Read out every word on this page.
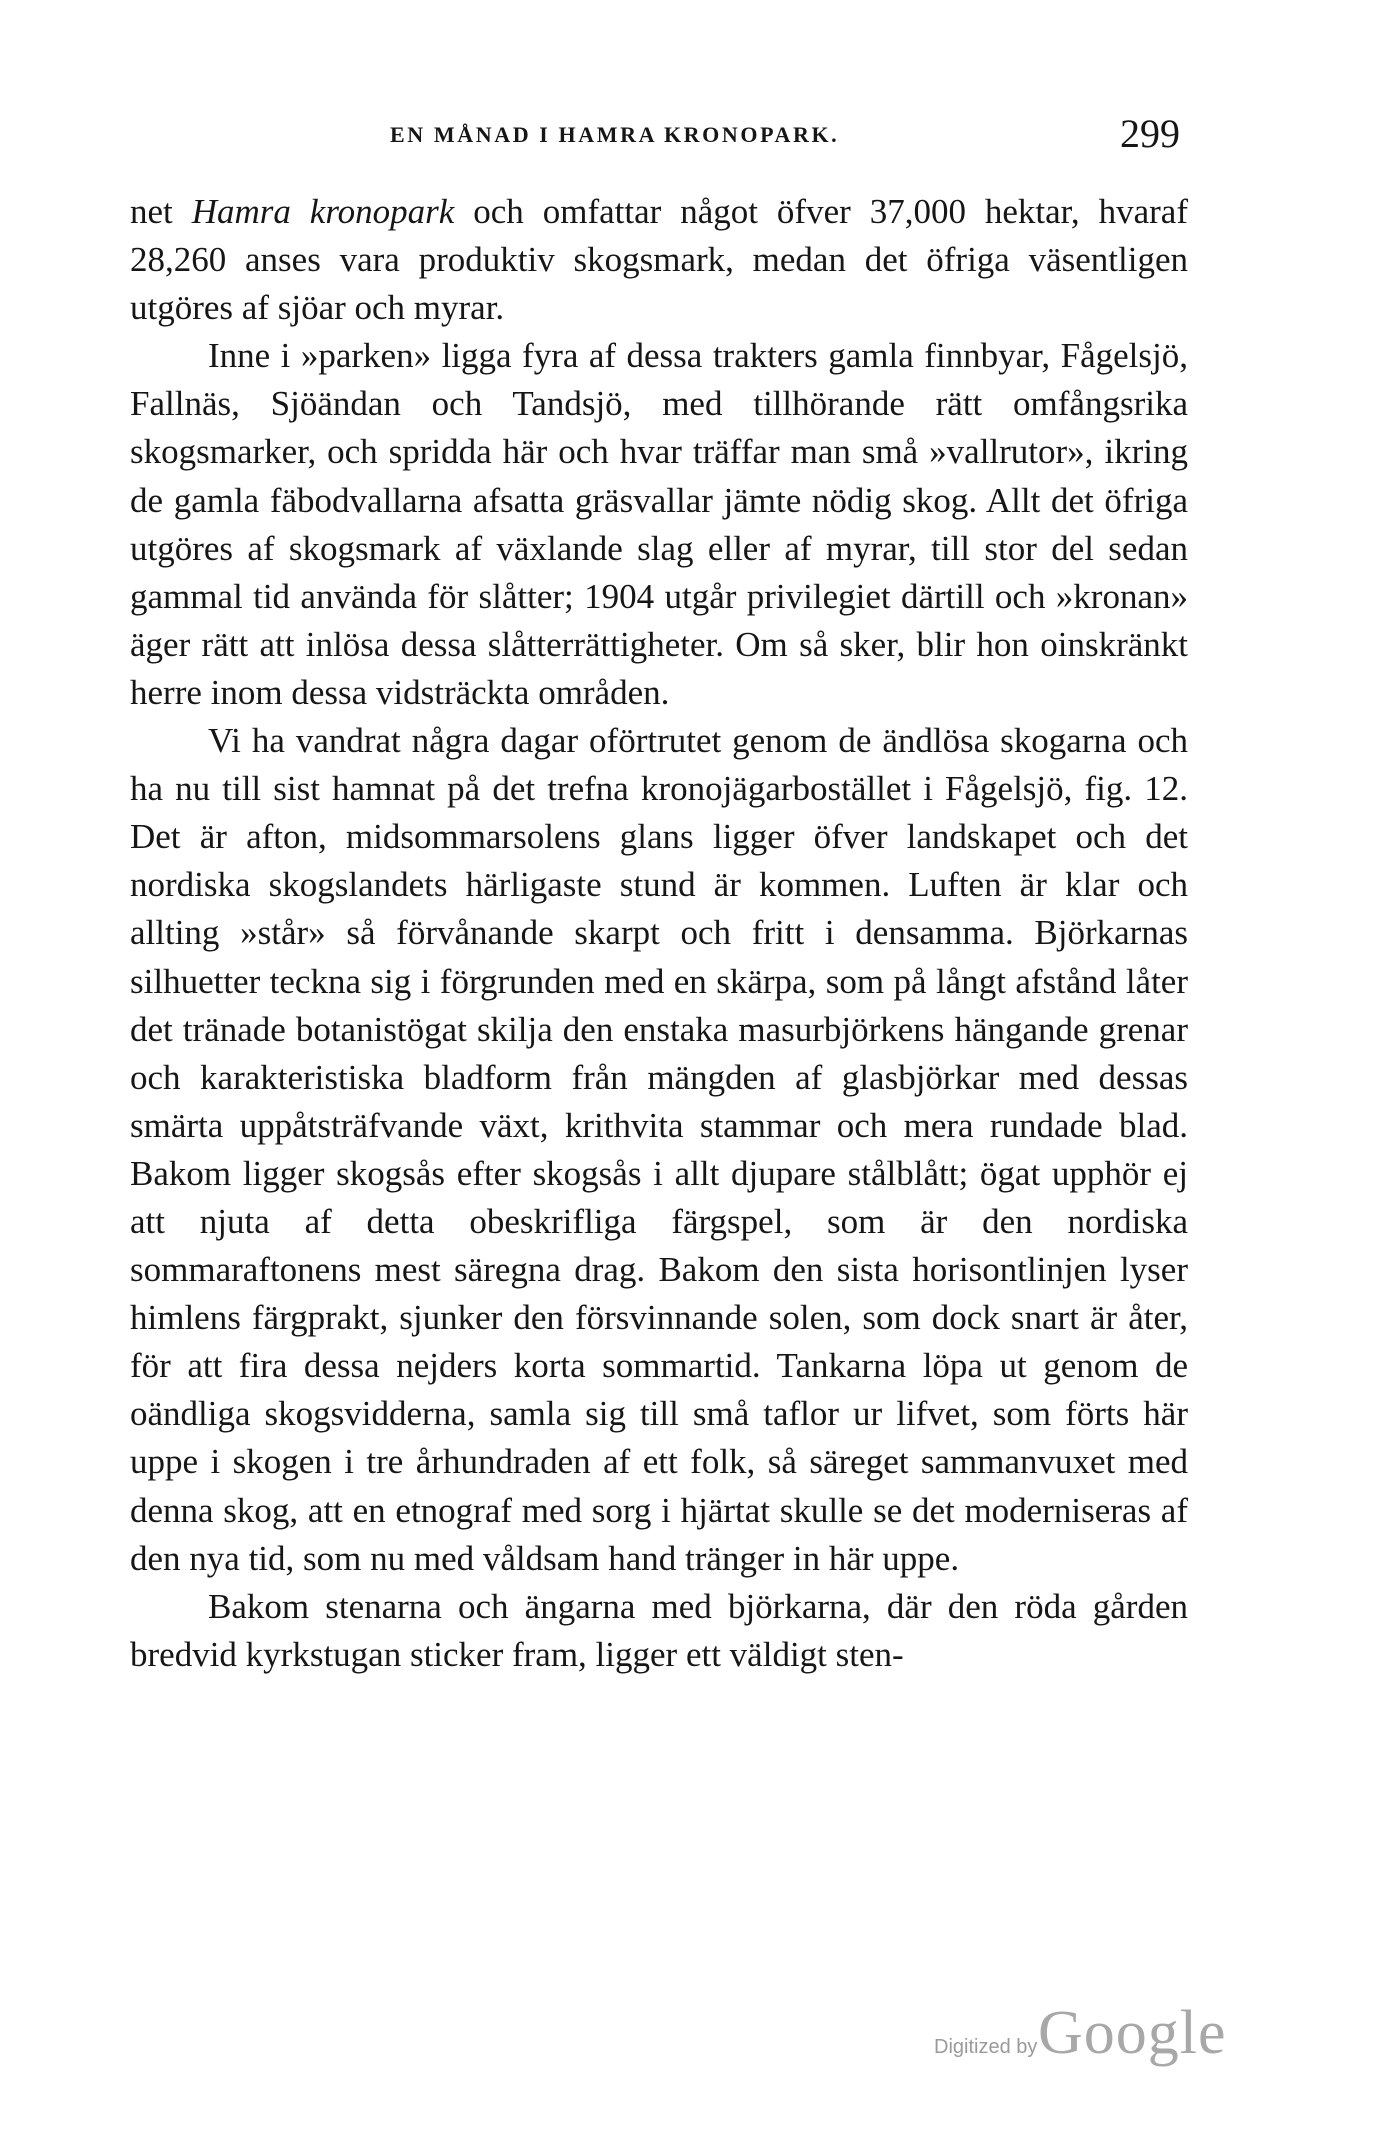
EN MÅNAD I HAMRA KRONOPARK.	299

net Hamra kronopark och omfattar något öfver 37,000 hektar, hvaraf 28,260 anses vara produktiv skogsmark, medan det öfriga väsentligen utgöres af sjöar och myrar.

Inne i »parken» ligga fyra af dessa trakters gamla finnbyar, Fågelsjö, Fallnäs, Sjöändan och Tandsjö, med tillhörande rätt omfångsrika skogsmarker, och spridda här och hvar träffar man små »vallrutor», ikring de gamla fäbodvallarna afsatta gräsvallar jämte nödig skog. Allt det öfriga utgöres af skogsmark af växlande slag eller af myrar, till stor del sedan gammal tid använda för slåtter; 1904 utgår privilegiet därtill och »kronan» äger rätt att inlösa dessa slåtterrättigheter. Om så sker, blir hon oinskränkt herre inom dessa vidsträckta områden.

Vi ha vandrat några dagar oförtrutet genom de ändlösa skogarna och ha nu till sist hamnat på det trefna kronojägarbostället i Fågelsjö, fig. 12. Det är afton, midsommarsolens glans ligger öfver landskapet och det nordiska skogslandets härligaste stund är kommen. Luften är klar och allting »står» så förvånande skarpt och fritt i densamma. Björkarnas silhuetter teckna sig i förgrunden med en skärpa, som på långt afstånd låter det tränade botanistögat skilja den enstaka masurbjörkens hängande grenar och karakteristiska bladform från mängden af glasbjörkar med dessas smärta uppåtsträfvande växt, krithvita stammar och mera rundade blad. Bakom ligger skogsås efter skogsås i allt djupare stålblått; ögat upphör ej att njuta af detta obeskrifliga färgspel, som är den nordiska sommaraftonens mest säregna drag. Bakom den sista horisontlinjen lyser himlens färgprakt, sjunker den försvinnande solen, som dock snart är åter, för att fira dessa nejders korta sommartid. Tankarna löpa ut genom de oändliga skogsvidderna, samla sig till små taflor ur lifvet, som förts här uppe i skogen i tre århundraden af ett folk, så säreget sammanvuxet med denna skog, att en etnograf med sorg i hjärtat skulle se det moderniseras af den nya tid, som nu med våldsam hand tränger in här uppe.

Bakom stenarna och ängarna med björkarna, där den röda gården bredvid kyrkstugan sticker fram, ligger ett väldigt sten-

Digitized by Google
